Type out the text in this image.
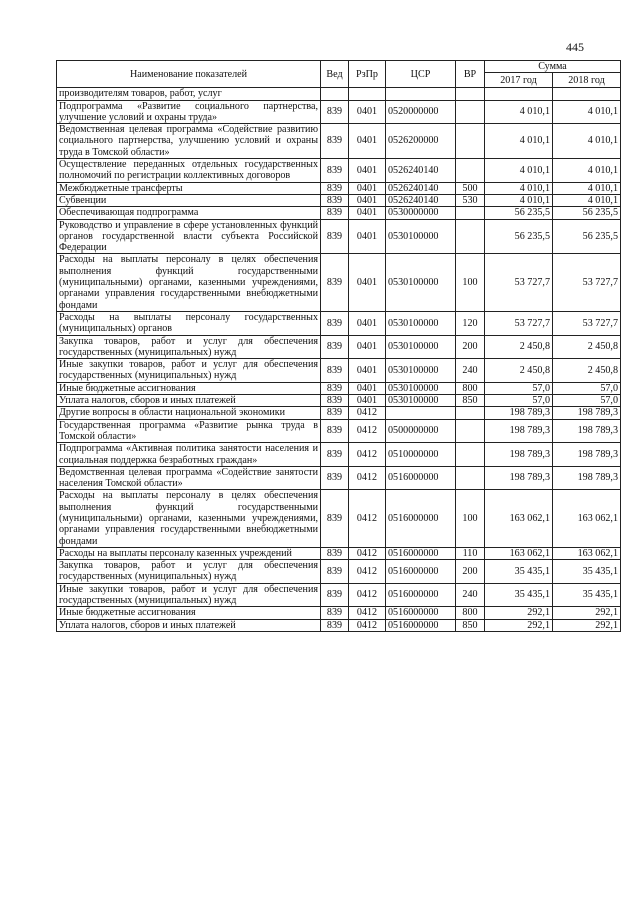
445
Наименование показателей	Вед	РзПр	ЦСР	ВР	Сумма	
					2017 год	2018 год
производителям товаров, работ, услуг						
Подпрограмма «Развитие социального партнерства, улучшение условий и охраны труда»	839	0401	0520000000		4 010,1	4 010,1
Ведомственная целевая программа «Содействие развитию социального партнерства, улучшению условий и охраны труда в Томской области»	839	0401	0526200000		4 010,1	4 010,1
Осуществление переданных отдельных государственных полномочий по регистрации коллективных договоров	839	0401	0526240140		4 010,1	4 010,1
Межбюджетные трансферты	839	0401	0526240140	500	4 010,1	4 010,1
Субвенции	839	0401	0526240140	530	4 010,1	4 010,1
Обеспечивающая подпрограмма	839	0401	0530000000		56 235,5	56 235,5
Руководство и управление в сфере установленных функций органов государственной власти субъекта Российской Федерации	839	0401	0530100000		56 235,5	56 235,5
Расходы на выплаты персоналу в целях обеспечения выполнения функций государственными (муниципальными) органами, казенными учреждениями, органами управления государственными внебюджетными фондами	839	0401	0530100000	100	53 727,7	53 727,7
Расходы на выплаты персоналу государственных (муниципальных) органов	839	0401	0530100000	120	53 727,7	53 727,7
Закупка товаров, работ и услуг для обеспечения государственных (муниципальных) нужд	839	0401	0530100000	200	2 450,8	2 450,8
Иные закупки товаров, работ и услуг для обеспечения государственных (муниципальных) нужд	839	0401	0530100000	240	2 450,8	2 450,8
Иные бюджетные ассигнования	839	0401	0530100000	800	57,0	57,0
Уплата налогов, сборов и иных платежей	839	0401	0530100000	850	57,0	57,0
Другие вопросы в области национальной экономики	839	0412			198 789,3	198 789,3
Государственная программа «Развитие рынка труда в Томской области»	839	0412	0500000000		198 789,3	198 789,3
Подпрограмма «Активная политика занятости населения и социальная поддержка безработных граждан»	839	0412	0510000000		198 789,3	198 789,3
Ведомственная целевая программа «Содействие занятости населения Томской области»	839	0412	0516000000		198 789,3	198 789,3
Расходы на выплаты персоналу в целях обеспечения выполнения функций государственными (муниципальными) органами, казенными учреждениями, органами управления государственными внебюджетными фондами	839	0412	0516000000	100	163 062,1	163 062,1
Расходы на выплаты персоналу казенных учреждений	839	0412	0516000000	110	163 062,1	163 062,1
Закупка товаров, работ и услуг для обеспечения государственных (муниципальных) нужд	839	0412	0516000000	200	35 435,1	35 435,1
Иные закупки товаров, работ и услуг для обеспечения государственных (муниципальных) нужд	839	0412	0516000000	240	35 435,1	35 435,1
Иные бюджетные ассигнования	839	0412	0516000000	800	292,1	292,1
Уплата налогов, сборов и иных платежей	839	0412	0516000000	850	292,1	292,1
